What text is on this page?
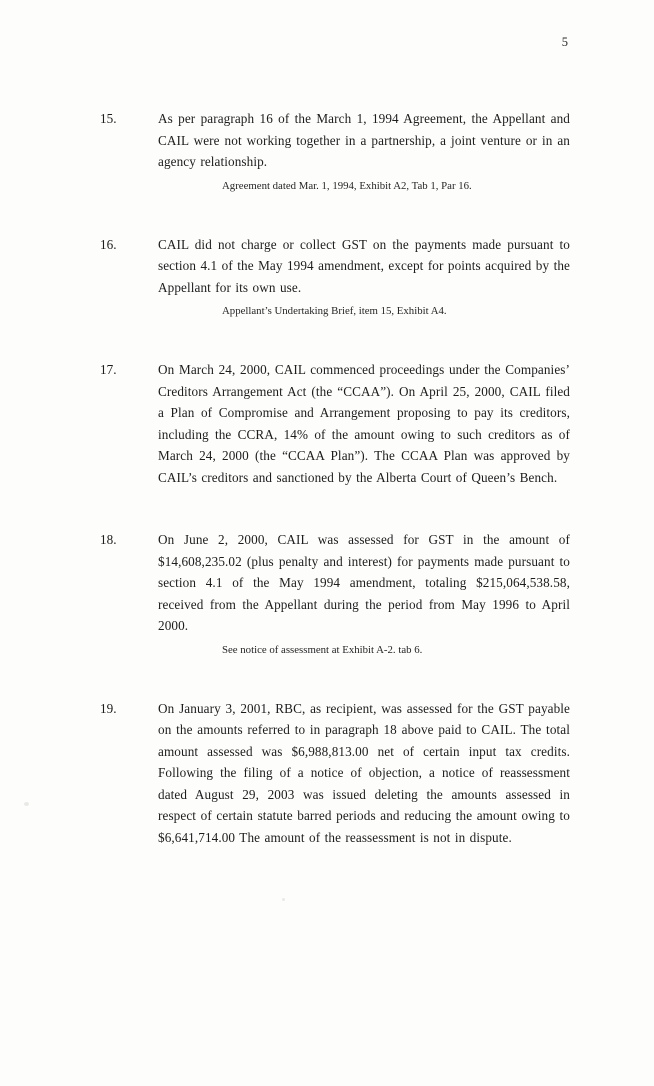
5
15.	As per paragraph 16 of the March 1, 1994 Agreement, the Appellant and CAIL were not working together in a partnership, a joint venture or in an agency relationship.
Agreement dated Mar. 1, 1994, Exhibit A2, Tab 1, Par 16.
16.	CAIL did not charge or collect GST on the payments made pursuant to section 4.1 of the May 1994 amendment, except for points acquired by the Appellant for its own use.
Appellant’s Undertaking Brief, item 15, Exhibit A4.
17.	On March 24, 2000, CAIL commenced proceedings under the Companies’ Creditors Arrangement Act (the “CCAA”). On April 25, 2000, CAIL filed a Plan of Compromise and Arrangement proposing to pay its creditors, including the CCRA, 14% of the amount owing to such creditors as of March 24, 2000 (the “CCAA Plan”). The CCAA Plan was approved by CAIL’s creditors and sanctioned by the Alberta Court of Queen’s Bench.
18.	On June 2, 2000, CAIL was assessed for GST in the amount of $14,608,235.02 (plus penalty and interest) for payments made pursuant to section 4.1 of the May 1994 amendment, totaling $215,064,538.58, received from the Appellant during the period from May 1996 to April 2000.
See notice of assessment at Exhibit A-2. tab 6.
19.	On January 3, 2001, RBC, as recipient, was assessed for the GST payable on the amounts referred to in paragraph 18 above paid to CAIL. The total amount assessed was $6,988,813.00 net of certain input tax credits. Following the filing of a notice of objection, a notice of reassessment dated August 29, 2003 was issued deleting the amounts assessed in respect of certain statute barred periods and reducing the amount owing to $6,641,714.00 The amount of the reassessment is not in dispute.
